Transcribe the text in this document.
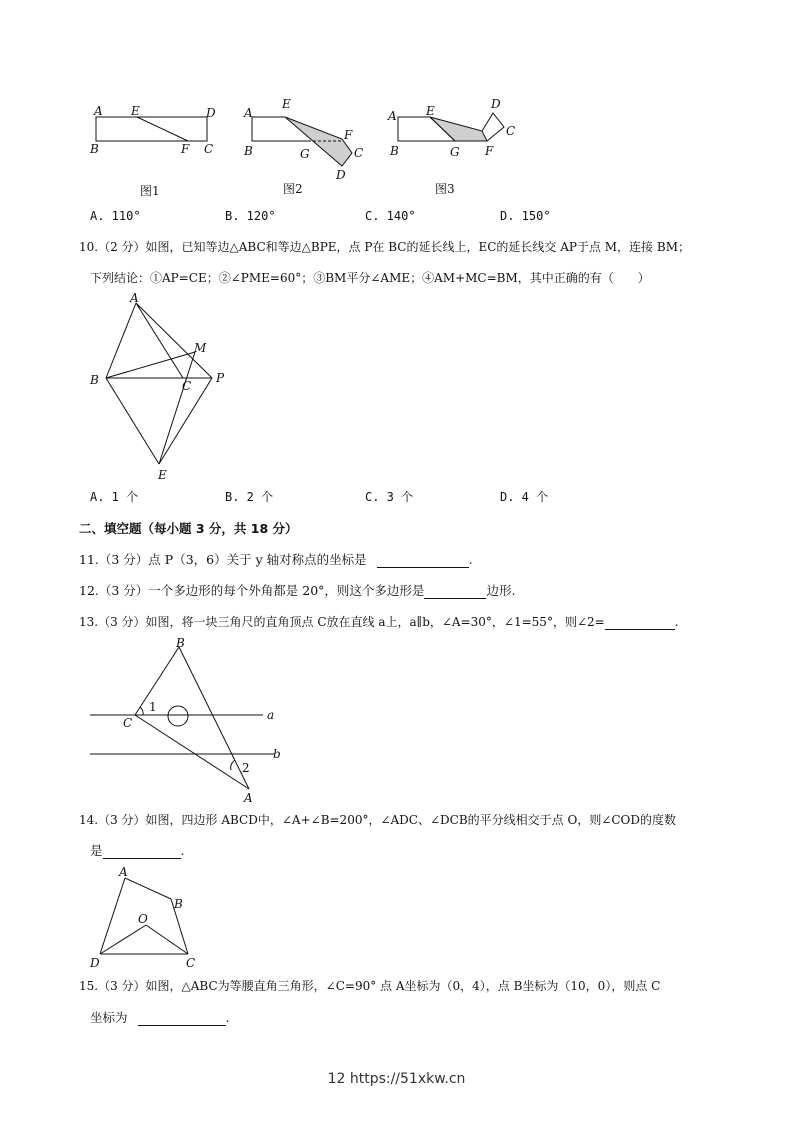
A E	D
B	F C
图1
A
E
F
B	G	C
D
图2
A E	D
C
B	G F
图3
A. 110°	B. 120°	C. 140°	D. 150°
10.（2 分）如图，已知等边△ABC和等边△BPE，点 P在 BC的延长线上，EC的延长线交 AP于点 M，连接 BM；
下列结论：①AP=CE；②∠PME=60°；③BM平分∠AME；④AM+MC=BM，其中正确的有（　　）
A
M
B	C
P
E
A. 1 个	B. 2 个	C. 3 个	D. 4 个
二、填空题（每小题 3 分，共 18 分）
11.（3 分）点 P（3，6）关于 y 轴对称点的坐标是	.
12.（3 分）一个多边形的每个外角都是 20°，则这个多边形是	边形.
13.（3 分）如图，将一块三角尺的直角顶点 C放在直线 a上，a∥b，∠A=30°，∠1=55°，则∠2=	.
B
1
C
a
b
2
A
14.（3 分）如图，四边形 ABCD中，∠A+∠B=200°，∠ADC、∠DCB的平分线相交于点 O，则∠COD的度数
是	.
A
B
O
D	C
15.（3 分）如图，△ABC为等腰直角三角形，∠C=90° 点 A坐标为（0，4），点 B坐标为（10，0），则点 C
坐标为	.
12 https://51xkw.cn
